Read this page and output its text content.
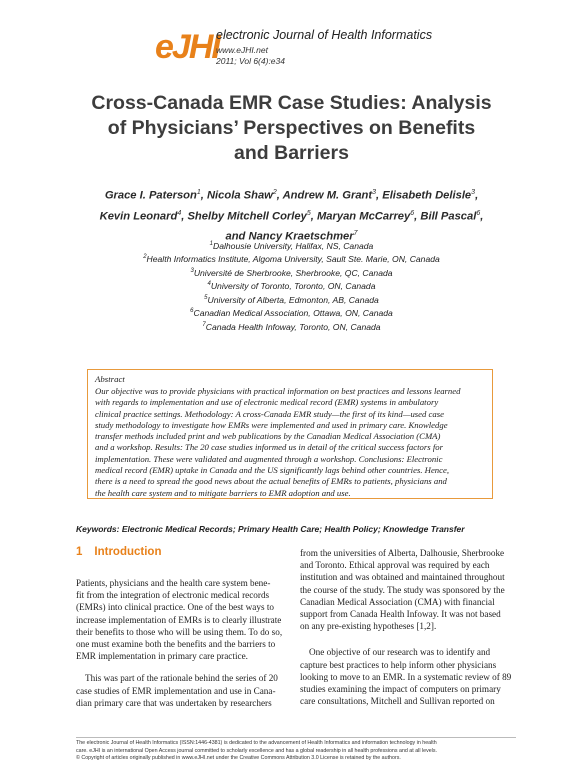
eJHI
electronic Journal of Health Informatics
www.eJHI.net
2011; Vol 6(4):e34
Cross-Canada EMR Case Studies: Analysis
of Physicians’ Perspectives on Benefits
and Barriers
Grace I. Paterson$^1$, Nicola Shaw$^2$, Andrew M. Grant$^3$, Elisabeth Delisle$^3$,
Kevin Leonard$^4$, Shelby Mitchell Corley$^5$, Maryan McCarrey$^6$, Bill Pascal$^6$,
and Nancy Kraetschmer$^7$
$^1$Dalhousie University, Halifax, NS, Canada
$^2$Health Informatics Institute, Algoma University, Sault Ste. Marie, ON, Canada
$^3$Université de Sherbrooke, Sherbrooke, QC, Canada
$^4$University of Toronto, Toronto, ON, Canada
$^5$University of Alberta, Edmonton, AB, Canada
$^6$Canadian Medical Association, Ottawa, ON, Canada
$^7$Canada Health Infoway, Toronto, ON, Canada
Abstract
Our objective was to provide physicians with practical information on best practices and lessons learned
with regards to implementation and use of electronic medical record (EMR) systems in ambulatory
clinical practice settings. Methodology: A cross-Canada EMR study—the first of its kind—used case
study methodology to investigate how EMRs were implemented and used in primary care. Knowledge
transfer methods included print and web publications by the Canadian Medical Association (CMA)
and a workshop. Results: The 20 case studies informed us in detail of the critical success factors for
implementation. These were validated and augmented through a workshop. Conclusions: Electronic
medical record (EMR) uptake in Canada and the US significantly lags behind other countries. Hence,
there is a need to spread the good news about the actual benefits of EMRs to patients, physicians and
the health care system and to mitigate barriers to EMR adoption and use.
Keywords: Electronic Medical Records; Primary Health Care; Health Policy; Knowledge Transfer
1 Introduction
Patients, physicians and the health care system bene-
fit from the integration of electronic medical records
(EMRs) into clinical practice. One of the best ways to
increase implementation of EMRs is to clearly illustrate
their benefits to those who will be using them. To do so,
one must examine both the benefits and the barriers to
EMR implementation in primary care practice.
This was part of the rationale behind the series of 20
case studies of EMR implementation and use in Cana-
dian primary care that was undertaken by researchers
from the universities of Alberta, Dalhousie, Sherbrooke
and Toronto. Ethical approval was required by each
institution and was obtained and maintained throughout
the course of the study. The study was sponsored by the
Canadian Medical Association (CMA) with financial
support from Canada Health Infoway. It was not based
on any pre-existing hypotheses [1,2].
One objective of our research was to identify and
capture best practices to help inform other physicians
looking to move to an EMR. In a systematic review of 89
studies examining the impact of computers on primary
care consultations, Mitchell and Sullivan reported on
The electronic Journal of Health Informatics (ISSN:1446-4381) is dedicated to the advancement of Health Informatics and information technology in health
care. eJHI is an international Open Access journal committed to scholarly excellence and has a global readership in all health professions and at all levels.
© Copyright of articles originally published in www.eJHI.net under the Creative Commons Attribution 3.0 License is retained by the authors.
